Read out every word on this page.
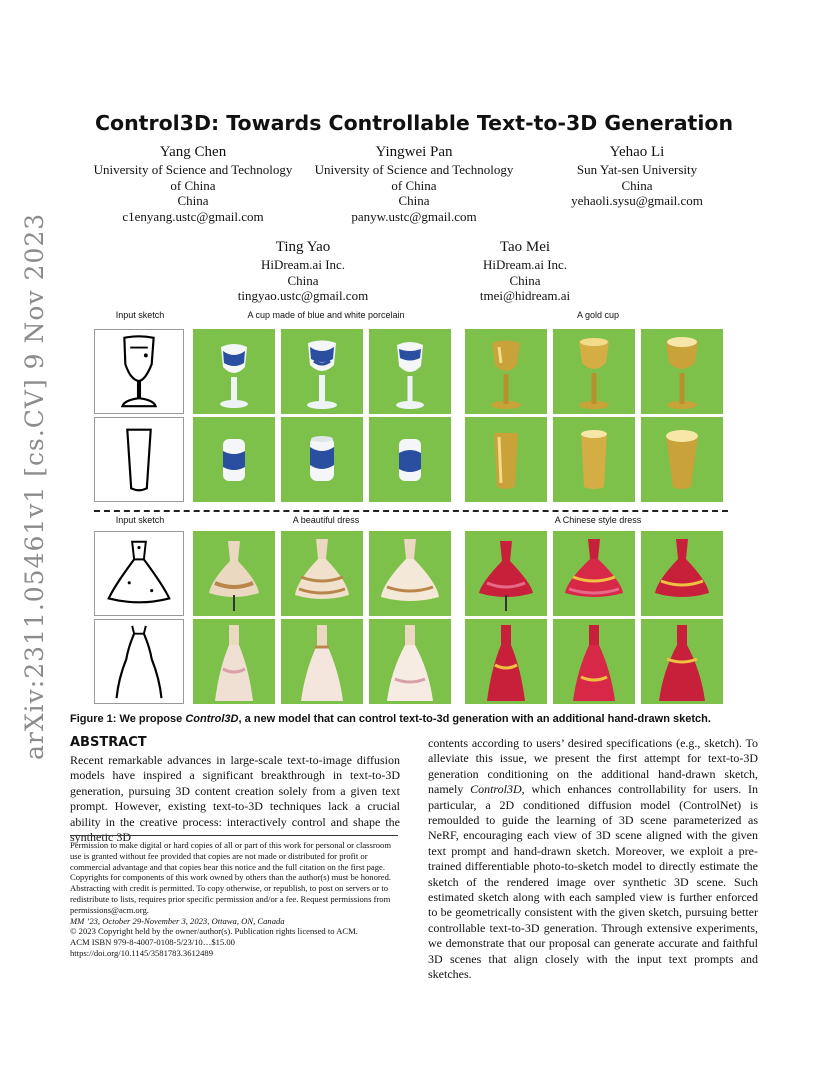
arXiv:2311.05461v1 [cs.CV] 9 Nov 2023
Control3D: Towards Controllable Text-to-3D Generation
Yang Chen
University of Science and Technology
of China
China
c1enyang.ustc@gmail.com
Yingwei Pan
University of Science and Technology
of China
China
panyw.ustc@gmail.com
Yehao Li
Sun Yat-sen University
China
yehaoli.sysu@gmail.com
Ting Yao
HiDream.ai Inc.
China
tingyao.ustc@gmail.com
Tao Mei
HiDream.ai Inc.
China
tmei@hidream.ai
Input sketch	A cup made of blue and white porcelain	A gold cup
Input sketch	A beautiful dress	A Chinese style dress
Figure 1: We propose Control3D, a new model that can control text-to-3d generation with an additional hand-drawn sketch.
ABSTRACT
Recent remarkable advances in large-scale text-to-image diffusion models have inspired a significant breakthrough in text-to-3D generation, pursuing 3D content creation solely from a given text prompt. However, existing text-to-3D techniques lack a crucial ability in the creative process: interactively control and shape the synthetic 3D
contents according to users’ desired specifications (e.g., sketch). To alleviate this issue, we present the first attempt for text-to-3D generation conditioning on the additional hand-drawn sketch, namely Control3D, which enhances controllability for users. In particular, a 2D conditioned diffusion model (ControlNet) is remoulded to guide the learning of 3D scene parameterized as NeRF, encouraging each view of 3D scene aligned with the given text prompt and hand-drawn sketch. Moreover, we exploit a pre-trained differentiable photo-to-sketch model to directly estimate the sketch of the rendered image over synthetic 3D scene. Such estimated sketch along with each sampled view is further enforced to be geometrically consistent with the given sketch, pursuing better controllable text-to-3D generation. Through extensive experiments, we demonstrate that our proposal can generate accurate and faithful 3D scenes that align closely with the input text prompts and sketches.
Permission to make digital or hard copies of all or part of this work for personal or classroom use is granted without fee provided that copies are not made or distributed for profit or commercial advantage and that copies bear this notice and the full citation on the first page. Copyrights for components of this work owned by others than the author(s) must be honored. Abstracting with credit is permitted. To copy otherwise, or republish, to post on servers or to redistribute to lists, requires prior specific permission and/or a fee. Request permissions from permissions@acm.org.
MM ’23, October 29-November 3, 2023, Ottawa, ON, Canada
© 2023 Copyright held by the owner/author(s). Publication rights licensed to ACM.
ACM ISBN 979-8-4007-0108-5/23/10…$15.00
https://doi.org/10.1145/3581783.3612489
